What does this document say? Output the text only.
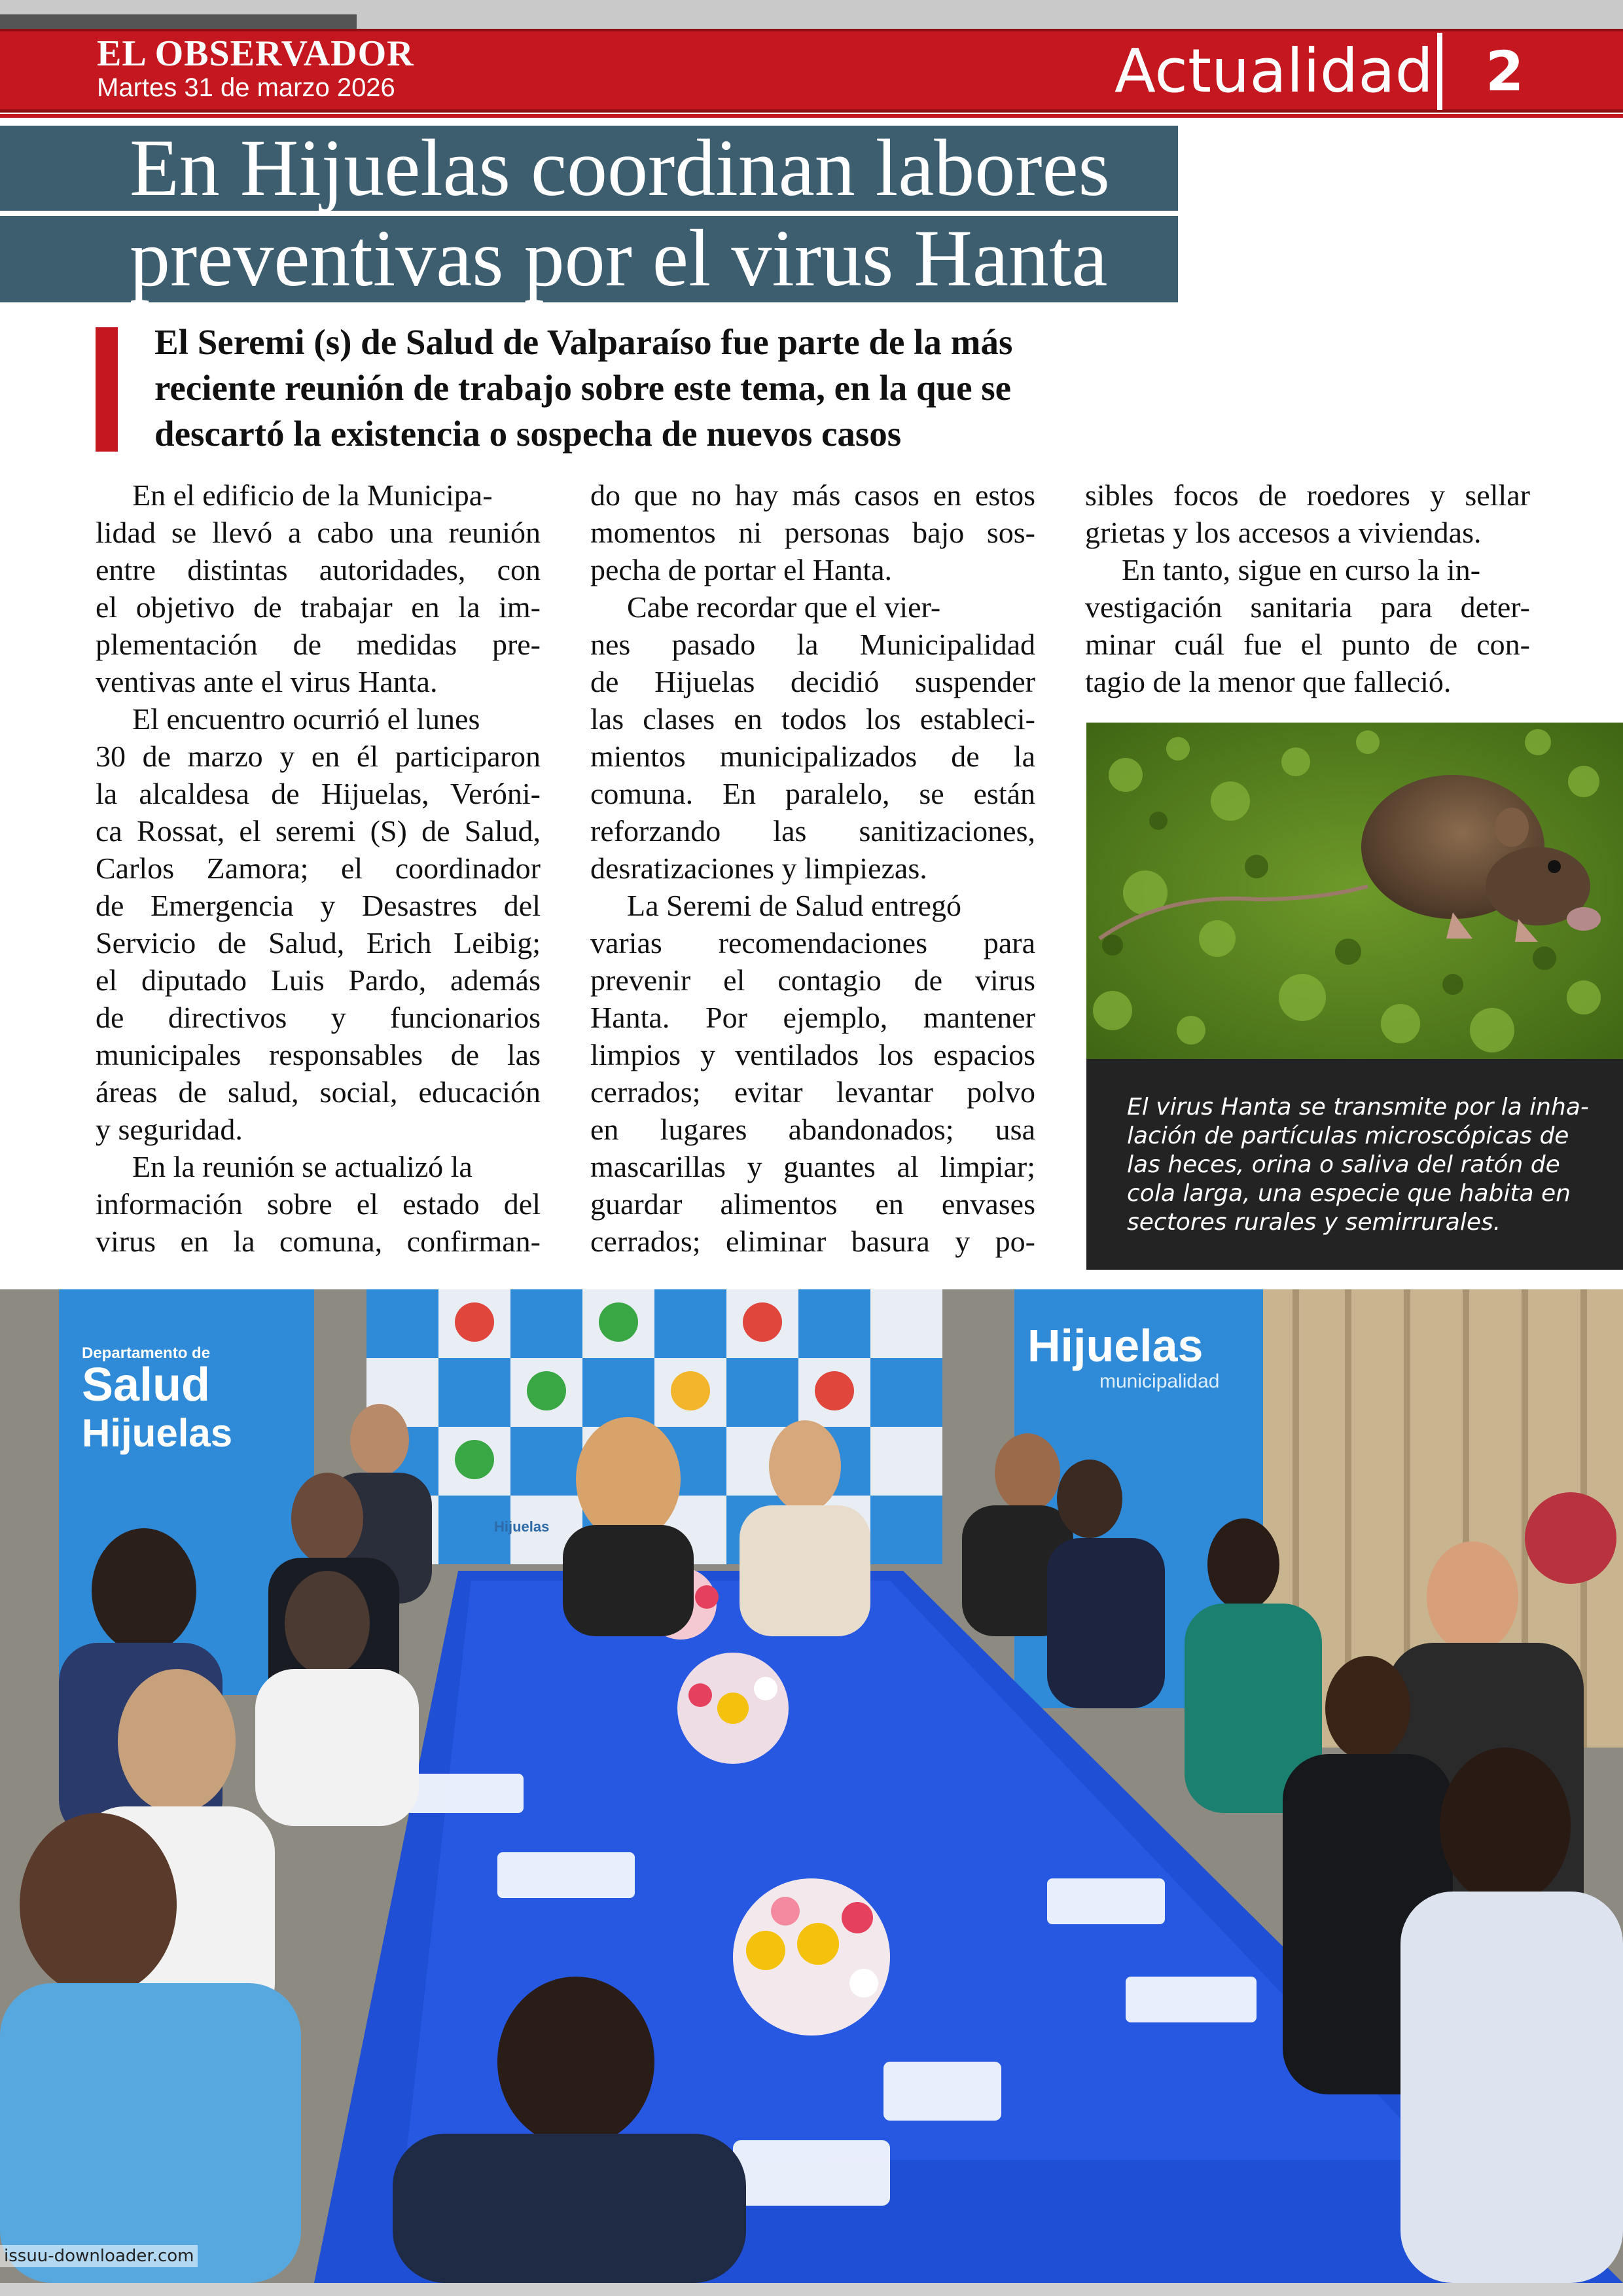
EL OBSERVADOR
Martes 31 de marzo 2026	Actualidad 2
En Hijuelas coordinan labores
preventivas por el virus Hanta
El Seremi (s) de Salud de Valparaíso fue parte de la más
reciente reunión de trabajo sobre este tema, en la que se
descartó la existencia o sospecha de nuevos casos
En el edificio de la Municipa-
lidad se llevó a cabo una reunión
entre distintas autoridades, con
el objetivo de trabajar en la im-
plementación de medidas pre-
ventivas ante el virus Hanta.
El encuentro ocurrió el lunes
30 de marzo y en él participaron
la alcaldesa de Hijuelas, Veróni-
ca Rossat, el seremi (S) de Salud,
Carlos Zamora; el coordinador
de Emergencia y Desastres del
Servicio de Salud, Erich Leibig;
el diputado Luis Pardo, además
de directivos y funcionarios
municipales responsables de las
áreas de salud, social, educación
y seguridad.
En la reunión se actualizó la
información sobre el estado del
virus en la comuna, confirman-
do que no hay más casos en estos
momentos ni personas bajo sos-
pecha de portar el Hanta.
Cabe recordar que el vier-
nes pasado la Municipalidad
de Hijuelas decidió suspender
las clases en todos los estableci-
mientos municipalizados de la
comuna. En paralelo, se están
reforzando las sanitizaciones,
desratizaciones y limpiezas.
La Seremi de Salud entregó
varias recomendaciones para
prevenir el contagio de virus
Hanta. Por ejemplo, mantener
limpios y ventilados los espacios
cerrados; evitar levantar polvo
en lugares abandonados; usa
mascarillas y guantes al limpiar;
guardar alimentos en envases
cerrados; eliminar basura y po-
sibles focos de roedores y sellar
grietas y los accesos a viviendas.
En tanto, sigue en curso la in-
vestigación sanitaria para deter-
minar cuál fue el punto de con-
tagio de la menor que falleció.
El virus Hanta se transmite por la inha-
lación de partículas microscópicas de
las heces, orina o saliva del ratón de
cola larga, una especie que habita en
sectores rurales y semirrurales.
Hijuelas
Departamento de
Salud
Hijuelas
Hijuelas
municipalidad
issuu-downloader.com
